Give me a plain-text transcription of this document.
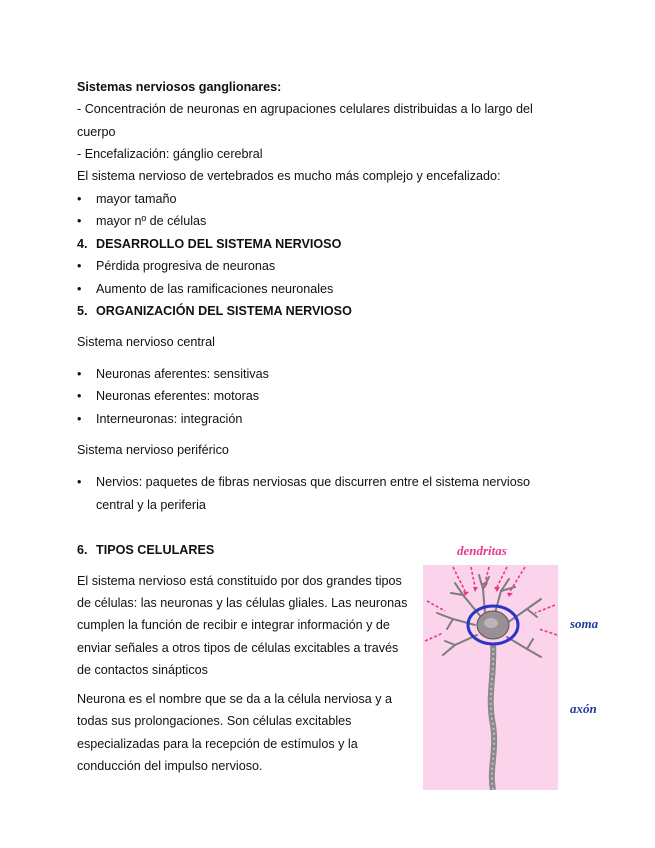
Sistemas nerviosos ganglionares:
- Concentración de neuronas en agrupaciones celulares distribuidas a lo largo del
cuerpo
- Encefalización: gánglio cerebral
El sistema nervioso de vertebrados es mucho más complejo y encefalizado:
• mayor tamaño
• mayor nº de células
4. DESARROLLO DEL SISTEMA NERVIOSO
• Pérdida progresiva de neuronas
• Aumento de las ramificaciones neuronales
5. ORGANIZACIÓN DEL SISTEMA NERVIOSO
Sistema nervioso central
• Neuronas aferentes: sensitivas
• Neuronas eferentes: motoras
• Interneuronas: integración
Sistema nervioso periférico
• Nervios: paquetes de fibras nerviosas que discurren entre el sistema nervioso
central y la periferia
6. TIPOS CELULARES
El sistema nervioso está constituido por dos grandes tipos
de células: las neuronas y las células gliales. Las neuronas
cumplen la función de recibir e integrar información y de
enviar señales a otros tipos de células excitables a través
de contactos sinápticos
Neurona es el nombre que se da a la célula nerviosa y a
todas sus prolongaciones. Son células excitables
especializadas para la recepción de estímulos y la
conducción del impulso nervioso.
dendritas
soma
axón
